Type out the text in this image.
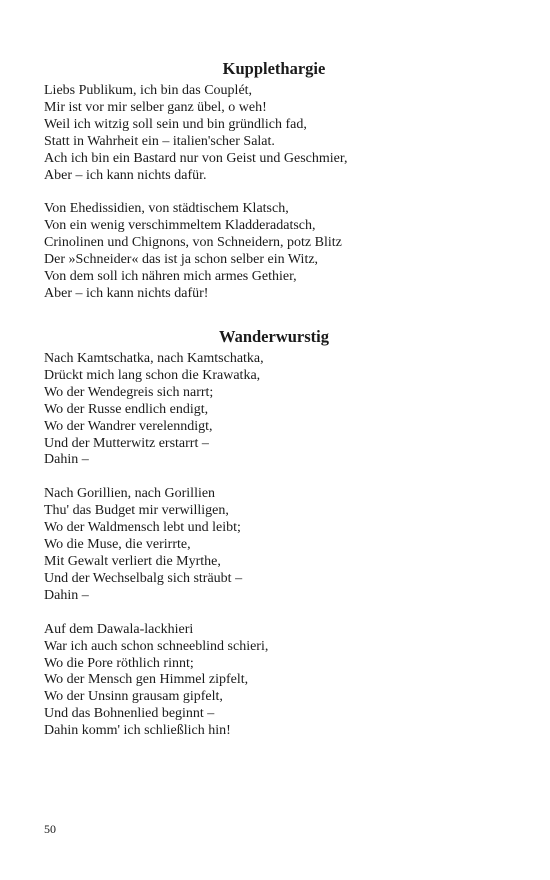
Kupplethargie
Liebs Publikum, ich bin das Couplét,
Mir ist vor mir selber ganz übel, o weh!
Weil ich witzig soll sein und bin gründlich fad,
Statt in Wahrheit ein – italien'scher Salat.
Ach ich bin ein Bastard nur von Geist und Geschmier,
Aber – ich kann nichts dafür.
Von Ehedissidien, von städtischem Klatsch,
Von ein wenig verschimmeltem Kladderadatsch,
Crinolinen und Chignons, von Schneidern, potz Blitz
Der »Schneider« das ist ja schon selber ein Witz,
Von dem soll ich nähren mich armes Gethier,
Aber – ich kann nichts dafür!
Wanderwurstig
Nach Kamtschatka, nach Kamtschatka,
Drückt mich lang schon die Krawatka,
Wo der Wendegreis sich narrt;
Wo der Russe endlich endigt,
Wo der Wandrer verelenndigt,
Und der Mutterwitz erstarrt –
Dahin –
Nach Gorillien, nach Gorillien
Thu' das Budget mir verwilligen,
Wo der Waldmensch lebt und leibt;
Wo die Muse, die verirrte,
Mit Gewalt verliert die Myrthe,
Und der Wechselbalg sich sträubt –
Dahin –
Auf dem Dawala-lackhieri
War ich auch schon schneeblind schieri,
Wo die Pore röthlich rinnt;
Wo der Mensch gen Himmel zipfelt,
Wo der Unsinn grausam gipfelt,
Und das Bohnenlied beginnt –
Dahin komm' ich schließlich hin!
50
